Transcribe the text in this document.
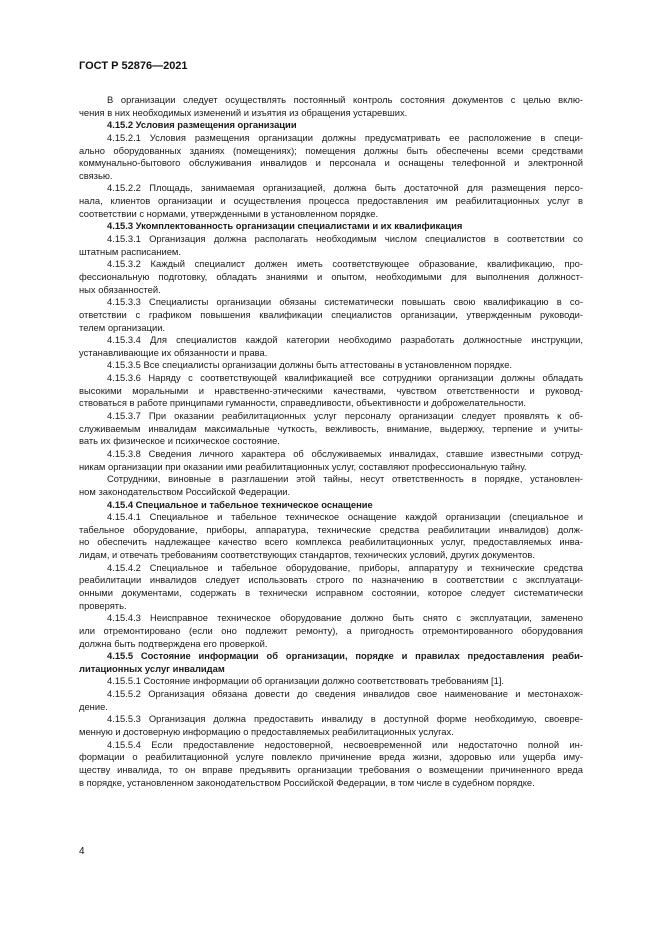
ГОСТ Р 52876—2021
В организации следует осуществлять постоянный контроль состояния документов с целью вклю-
чения в них необходимых изменений и изъятия из обращения устаревших.
4.15.2 Условия размещения организации
4.15.2.1 Условия размещения организации должны предусматривать ее расположение в специ-
ально оборудованных зданиях (помещениях); помещения должны быть обеспечены всеми средствами
коммунально-бытового обслуживания инвалидов и персонала и оснащены телефонной и электронной
связью.
4.15.2.2 Площадь, занимаемая организацией, должна быть достаточной для размещения персо-
нала, клиентов организации и осуществления процесса предоставления им реабилитационных услуг в
соответствии с нормами, утвержденными в установленном порядке.
4.15.3 Укомплектованность организации специалистами и их квалификация
4.15.3.1 Организация должна располагать необходимым числом специалистов в соответствии со
штатным расписанием.
4.15.3.2 Каждый специалист должен иметь соответствующее образование, квалификацию, про-
фессиональную подготовку, обладать знаниями и опытом, необходимыми для выполнения должност-
ных обязанностей.
4.15.3.3 Специалисты организации обязаны систематически повышать свою квалификацию в со-
ответствии с графиком повышения квалификации специалистов организации, утвержденным руководи-
телем организации.
4.15.3.4 Для специалистов каждой категории необходимо разработать должностные инструкции,
устанавливающие их обязанности и права.
4.15.3.5 Все специалисты организации должны быть аттестованы в установленном порядке.
4.15.3.6 Наряду с соответствующей квалификацией все сотрудники организации должны обладать
высокими моральными и нравственно-этическими качествами, чувством ответственности и руковод-
ствоваться в работе принципами гуманности, справедливости, объективности и доброжелательности.
4.15.3.7 При оказании реабилитационных услуг персоналу организации следует проявлять к об-
служиваемым инвалидам максимальные чуткость, вежливость, внимание, выдержку, терпение и учиты-
вать их физическое и психическое состояние.
4.15.3.8 Сведения личного характера об обслуживаемых инвалидах, ставшие известными сотруд-
никам организации при оказании ими реабилитационных услуг, составляют профессиональную тайну.
Сотрудники, виновные в разглашении этой тайны, несут ответственность в порядке, установлен-
ном законодательством Российской Федерации.
4.15.4 Специальное и табельное техническое оснащение
4.15.4.1 Специальное и табельное техническое оснащение каждой организации (специальное и
табельное оборудование, приборы, аппаратура, технические средства реабилитации инвалидов) долж-
но обеспечить надлежащее качество всего комплекса реабилитационных услуг, предоставляемых инва-
лидам, и отвечать требованиям соответствующих стандартов, технических условий, других документов.
4.15.4.2 Специальное и табельное оборудование, приборы, аппаратуру и технические средства
реабилитации инвалидов следует использовать строго по назначению в соответствии с эксплуатаци-
онными документами, содержать в технически исправном состоянии, которое следует систематически
проверять.
4.15.4.3 Неисправное техническое оборудование должно быть снято с эксплуатации, заменено
или отремонтировано (если оно подлежит ремонту), а пригодность отремонтированного оборудования
должна быть подтверждена его проверкой.
4.15.5 Состояние информации об организации, порядке и правилах предоставления реаби-
литационных услуг инвалидам
4.15.5.1 Состояние информации об организации должно соответствовать требованиям [1].
4.15.5.2 Организация обязана довести до сведения инвалидов свое наименование и местонахож-
дение.
4.15.5.3 Организация должна предоставить инвалиду в доступной форме необходимую, своевре-
менную и достоверную информацию о предоставляемых реабилитационных услугах.
4.15.5.4 Если предоставление недостоверной, несвоевременной или недостаточно полной ин-
формации о реабилитационной услуге повлекло причинение вреда жизни, здоровью или ущерба иму-
ществу инвалида, то он вправе предъявить организации требования о возмещении причиненного вреда
в порядке, установленном законодательством Российской Федерации, в том числе в судебном порядке.
4
